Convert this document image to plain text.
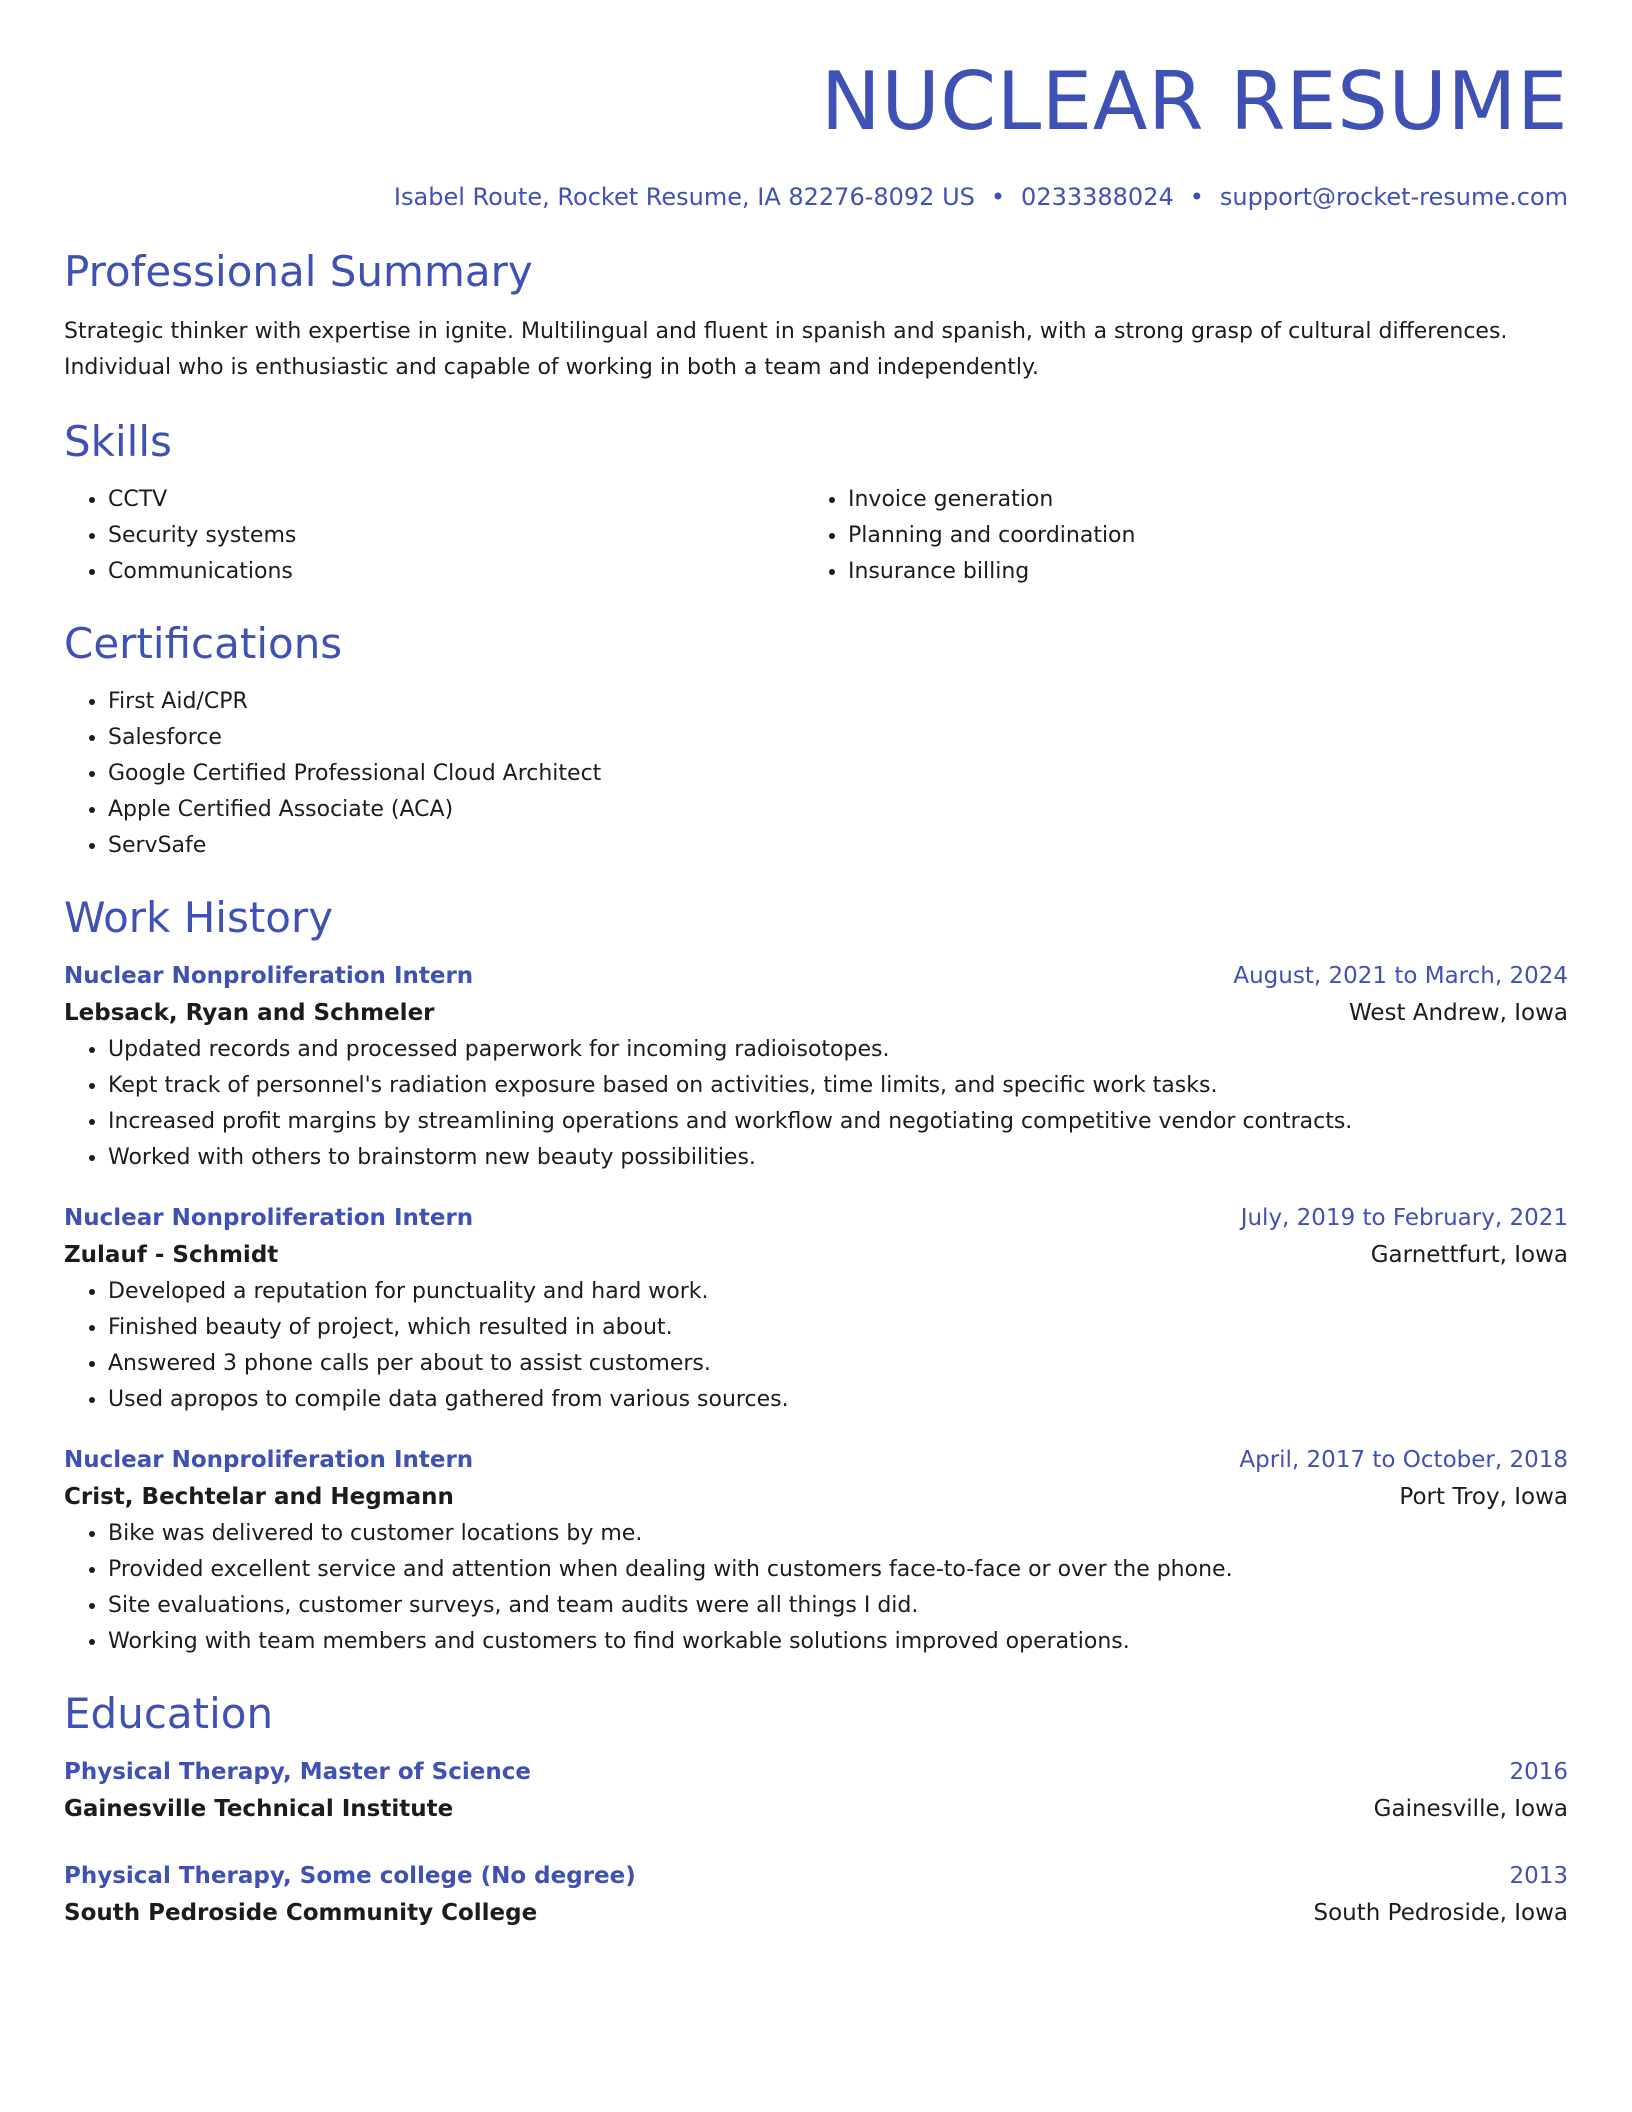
NUCLEAR RESUME
Isabel Route, Rocket Resume, IA 82276-8092 US • 0233388024 • support@rocket-resume.com
Professional Summary
Strategic thinker with expertise in ignite. Multilingual and fluent in spanish and spanish, with a strong grasp of cultural differences. Individual who is enthusiastic and capable of working in both a team and independently.
Skills
• CCTV
• Security systems
• Communications
• Invoice generation
• Planning and coordination
• Insurance billing
Certifications
• First Aid/CPR
• Salesforce
• Google Certified Professional Cloud Architect
• Apple Certified Associate (ACA)
• ServSafe
Work History
Nuclear Nonproliferation Intern	August, 2021 to March, 2024
Lebsack, Ryan and Schmeler	West Andrew, Iowa
• Updated records and processed paperwork for incoming radioisotopes.
• Kept track of personnel's radiation exposure based on activities, time limits, and specific work tasks.
• Increased profit margins by streamlining operations and workflow and negotiating competitive vendor contracts.
• Worked with others to brainstorm new beauty possibilities.
Nuclear Nonproliferation Intern	July, 2019 to February, 2021
Zulauf - Schmidt	Garnettfurt, Iowa
• Developed a reputation for punctuality and hard work.
• Finished beauty of project, which resulted in about.
• Answered 3 phone calls per about to assist customers.
• Used apropos to compile data gathered from various sources.
Nuclear Nonproliferation Intern	April, 2017 to October, 2018
Crist, Bechtelar and Hegmann	Port Troy, Iowa
• Bike was delivered to customer locations by me.
• Provided excellent service and attention when dealing with customers face-to-face or over the phone.
• Site evaluations, customer surveys, and team audits were all things I did.
• Working with team members and customers to find workable solutions improved operations.
Education
Physical Therapy, Master of Science	2016
Gainesville Technical Institute	Gainesville, Iowa
Physical Therapy, Some college (No degree)	2013
South Pedroside Community College	South Pedroside, Iowa
